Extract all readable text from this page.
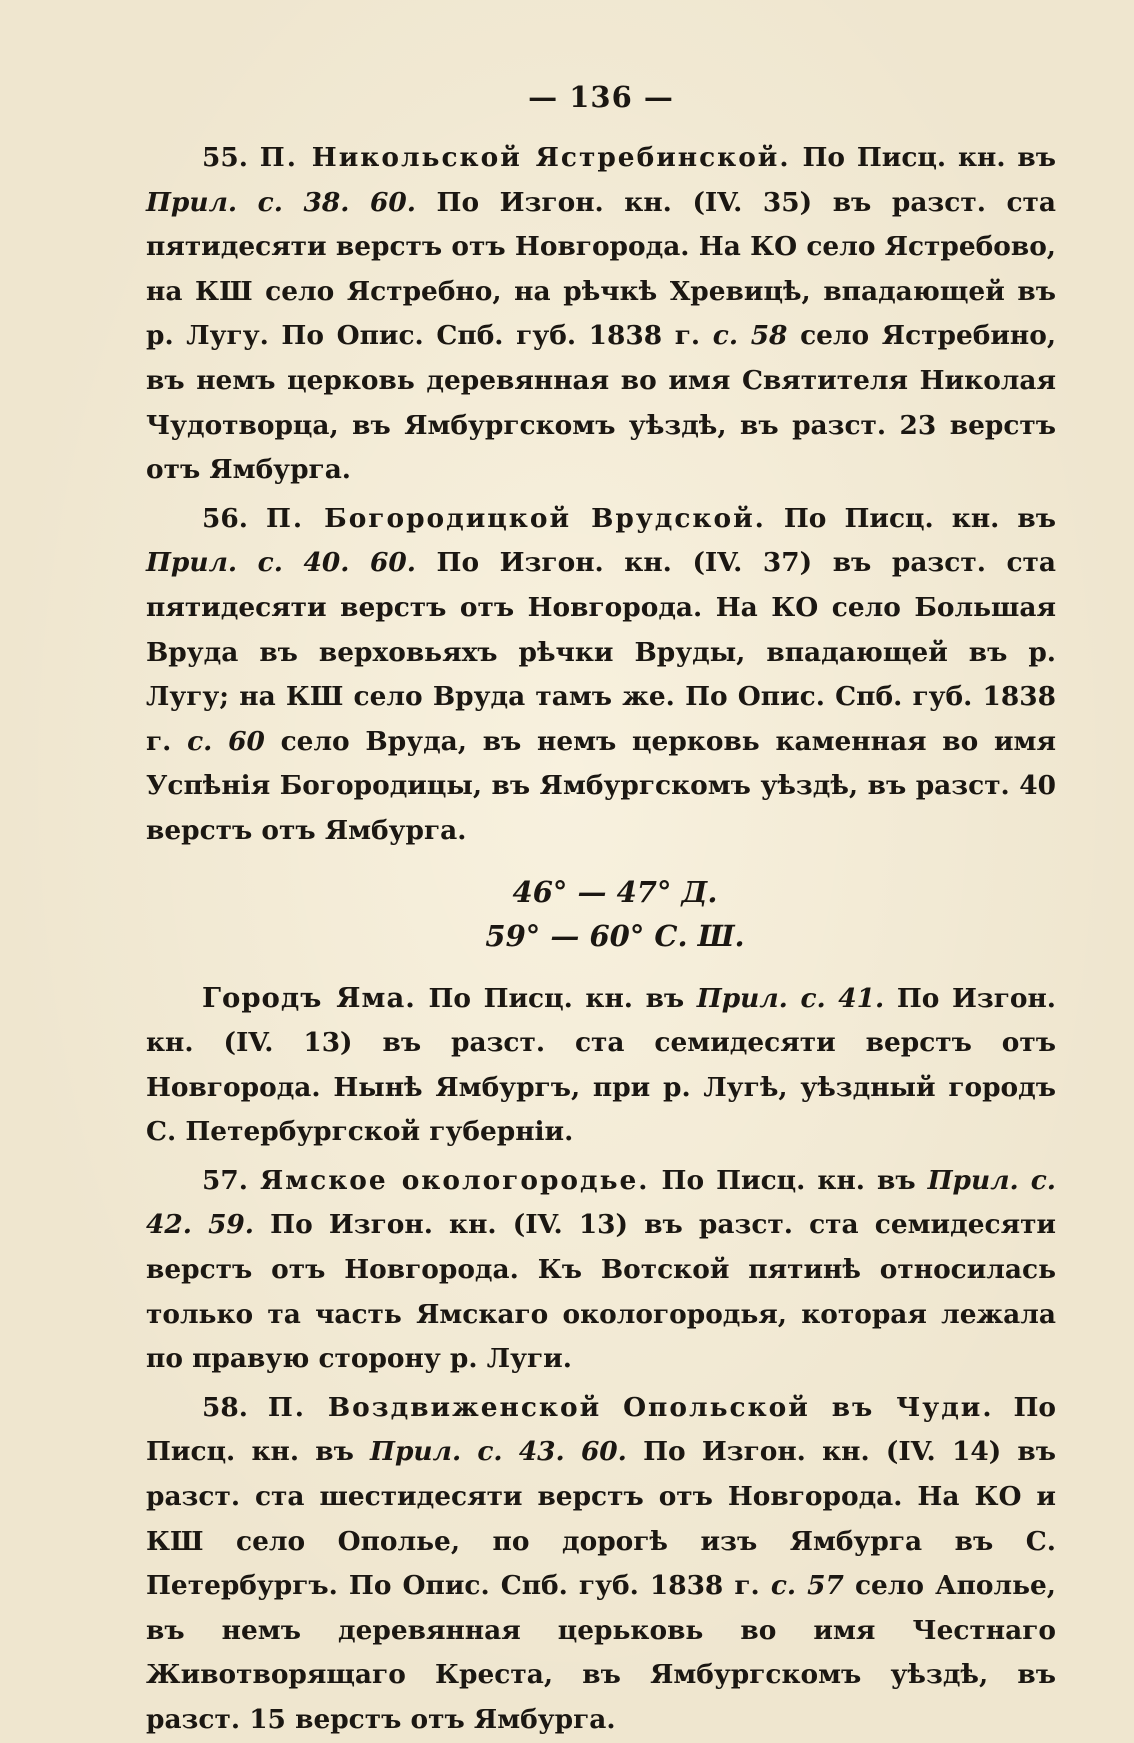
— 136 —

55. П. Никольской Ястребинской. По Писц. кн. въ Прил. с. 38. 60. По Изгон. кн. (IV. 35) въ разст. ста пятидесяти верстъ отъ Новгорода. На КО село Ястребово, на КШ село Ястребно, на рѣчкѣ Хревицѣ, впадающей въ р. Лугу. По Опис. Спб. губ. 1838 г. с. 58 село Ястребино, въ немъ церковь деревянная во имя Святителя Николая Чудотворца, въ Ямбургскомъ уѣздѣ, въ разст. 23 верстъ отъ Ямбурга.

56. П. Богородицкой Врудской. По Писц. кн. въ Прил. с. 40. 60. По Изгон. кн. (IV. 37) въ разст. ста пятидесяти верстъ отъ Новгорода. На КО село Большая Вруда въ верховьяхъ рѣчки Вруды, впадающей въ р. Лугу; на КШ село Вруда тамъ же. По Опис. Спб. губ. 1838 г. с. 60 село Вруда, въ немъ церковь каменная во имя Успѣнія Богородицы, въ Ямбургскомъ уѣздѣ, въ разст. 40 верстъ отъ Ямбурга.

46° — 47° Д.
59° — 60° С. Ш.

Городъ Яма. По Писц. кн. въ Прил. с. 41. По Изгон. кн. (IV. 13) въ разст. ста семидесяти верстъ отъ Новгорода. Нынѣ Ямбургъ, при р. Лугѣ, уѣздный городъ С. Петербургской губерніи.

57. Ямское окологородье. По Писц. кн. въ Прил. с. 42. 59. По Изгон. кн. (IV. 13) въ разст. ста семидесяти верстъ отъ Новгорода. Къ Вотской пятинѣ относилась только та часть Ямскаго окологородья, которая лежала по правую сторону р. Луги.

58. П. Воздвиженской Опольской въ Чуди. По Писц. кн. въ Прил. с. 43. 60. По Изгон. кн. (IV. 14) въ разст. ста шестидесяти верстъ отъ Новгорода. На КО и КШ село Ополье, по дорогѣ изъ Ямбурга въ С. Петербургъ. По Опис. Спб. губ. 1838 г. с. 57 село Аполье, въ немъ деревянная церьковь во имя Честнаго Животворящаго Креста, въ Ямбургскомъ уѣздѣ, въ разст. 15 верстъ отъ Ямбурга.
